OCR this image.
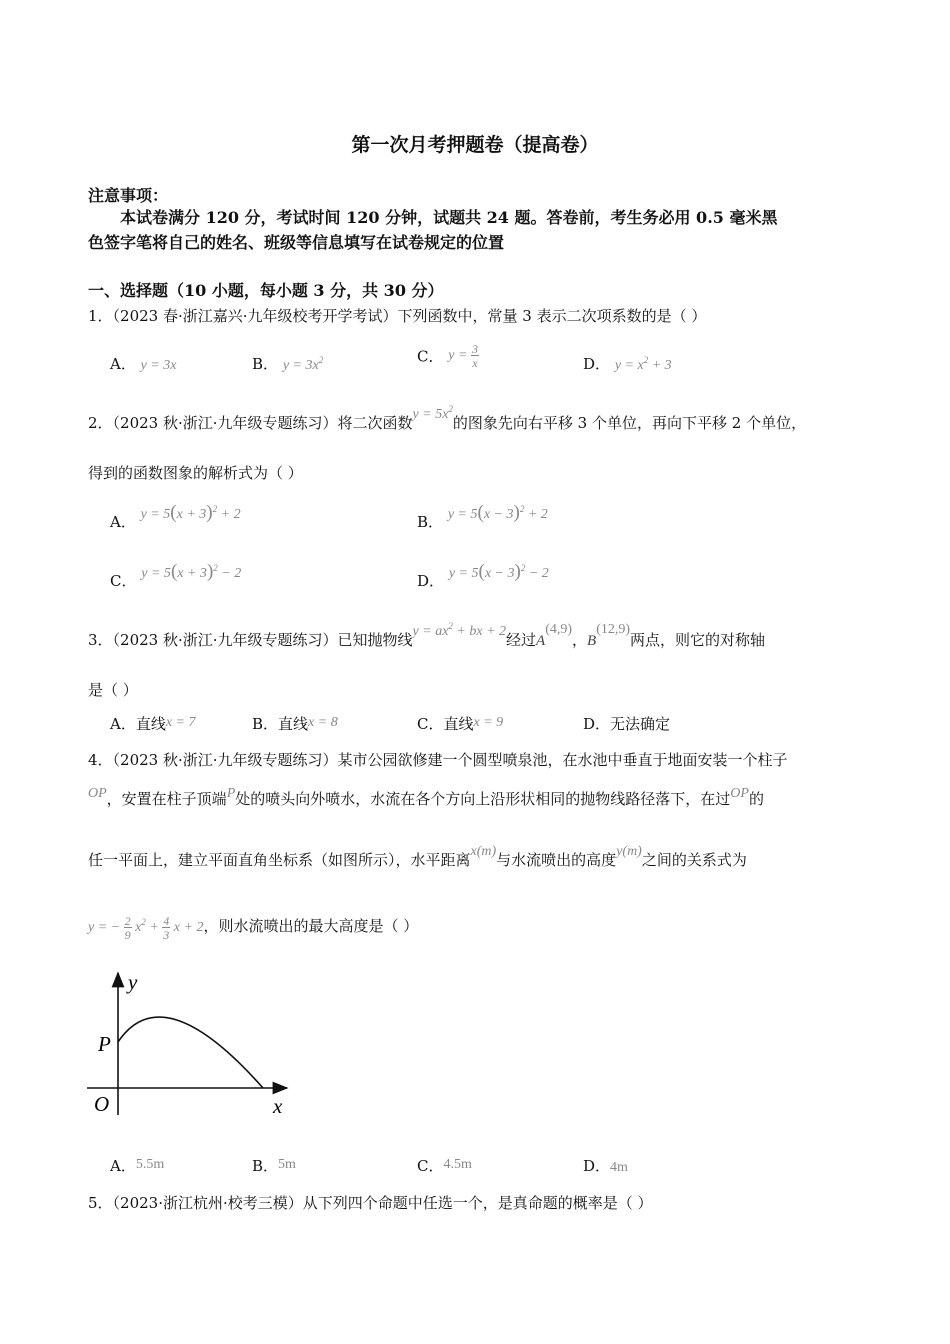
第一次月考押题卷（提高卷）
注意事项：
本试卷满分 120 分，考试时间 120 分钟，试题共 24 题。答卷前，考生务必用 0.5 毫米黑
色签字笔将自己的姓名、班级等信息填写在试卷规定的位置
一、选择题（10 小题，每小题 3 分，共 30 分）
1．（2023 春·浙江嘉兴·九年级校考开学考试）下列函数中，常量 3 表示二次项系数的是（ ）
A． y = 3x	B． $y = 3x^2$	C． $y = \frac{3}{x}$	D． $y = x^2 + 3$
2．（2023 秋·浙江·九年级专题练习）将二次函数$y = 5x^2$的图象先向右平移 3 个单位，再向下平移 2 个单位，
得到的函数图象的解析式为（ ）
A． $y = 5(x + 3)^2 + 2$	B． $y = 5(x - 3)^2 + 2$
C． $y = 5(x + 3)^2 - 2$	D． $y = 5(x - 3)^2 - 2$
3．（2023 秋·浙江·九年级专题练习）已知抛物线$y = ax^2$ + bx + 2经过A(4,9)，B(12,9)两点，则它的对称轴
是（ ）
A．直线x = 7	B．直线x = 8	C．直线x = 9	D．无法确定
4．（2023 秋·浙江·九年级专题练习）某市公园欲修建一个圆型喷泉池，在水池中垂直于地面安装一个柱子
OP，安置在柱子顶端P处的喷头向外喷水，水流在各个方向上沿形状相同的抛物线路径落下，在过OP的
任一平面上，建立平面直角坐标系（如图所示），水平距离x(m)与水流喷出的高度y(m)之间的关系式为
y = − $\frac{2}{9} x^2 + \frac{4}{3}$ x + 2，则水流喷出的最大高度是（ ）
y
x
O
P
A．5.5m	B．5m	C．4.5m	D．4m
5．（2023·浙江杭州·校考三模）从下列四个命题中任选一个，是真命题的概率是（ ）
